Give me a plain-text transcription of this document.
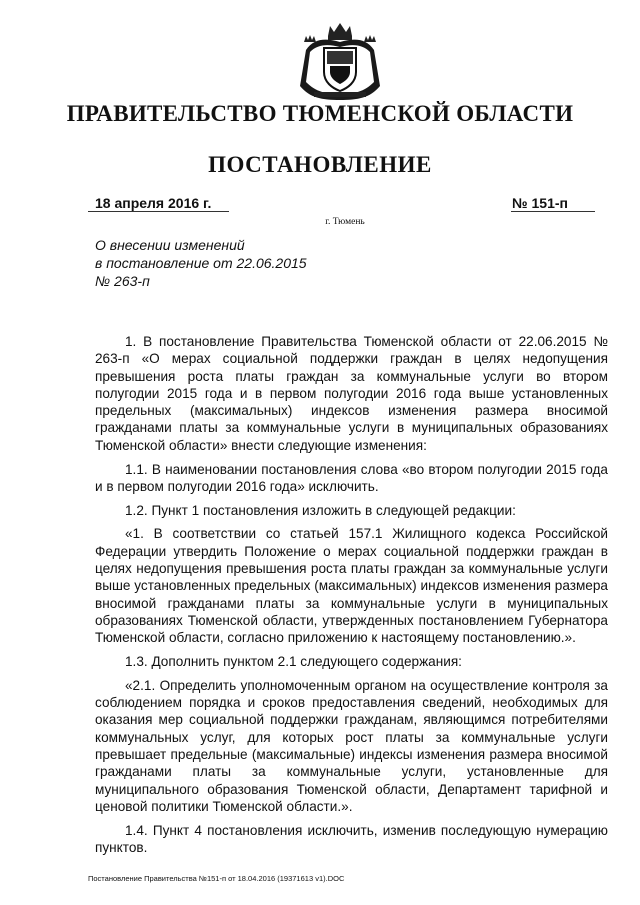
ПРАВИТЕЛЬСТВО ТЮМЕНСКОЙ ОБЛАСТИ
ПОСТАНОВЛЕНИЕ
18 апреля 2016 г.	№ 151-п
г. Тюмень
О внесении изменений
в постановление от 22.06.2015
№ 263-п

1. В постановление Правительства Тюменской области от 22.06.2015 № 263-п «О мерах социальной поддержки граждан в целях недопущения превышения роста платы граждан за коммунальные услуги во втором полугодии 2015 года и в первом полугодии 2016 года выше установленных предельных (максимальных) индексов изменения размера вносимой гражданами платы за коммунальные услуги в муниципальных образованиях Тюменской области» внести следующие изменения:

1.1. В наименовании постановления слова «во втором полугодии 2015 года и в первом полугодии 2016 года» исключить.

1.2. Пункт 1 постановления изложить в следующей редакции:

«1. В соответствии со статьей 157.1 Жилищного кодекса Российской Федерации утвердить Положение о мерах социальной поддержки граждан в целях недопущения превышения роста платы граждан за коммунальные услуги выше установленных предельных (максимальных) индексов изменения размера вносимой гражданами платы за коммунальные услуги в муниципальных образованиях Тюменской области, утвержденных постановлением Губернатора Тюменской области, согласно приложению к настоящему постановлению.».

1.3. Дополнить пунктом 2.1 следующего содержания:

«2.1. Определить уполномоченным органом на осуществление контроля за соблюдением порядка и сроков предоставления сведений, необходимых для оказания мер социальной поддержки гражданам, являющимся потребителями коммунальных услуг, для которых рост платы за коммунальные услуги превышает предельные (максимальные) индексы изменения размера вносимой гражданами платы за коммунальные услуги, установленные для муниципального образования Тюменской области, Департамент тарифной и ценовой политики Тюменской области.».

1.4. Пункт 4 постановления исключить, изменив последующую нумерацию пунктов.

Постановление Правительства №151-п от 18.04.2016 (19371613 v1).DOC
